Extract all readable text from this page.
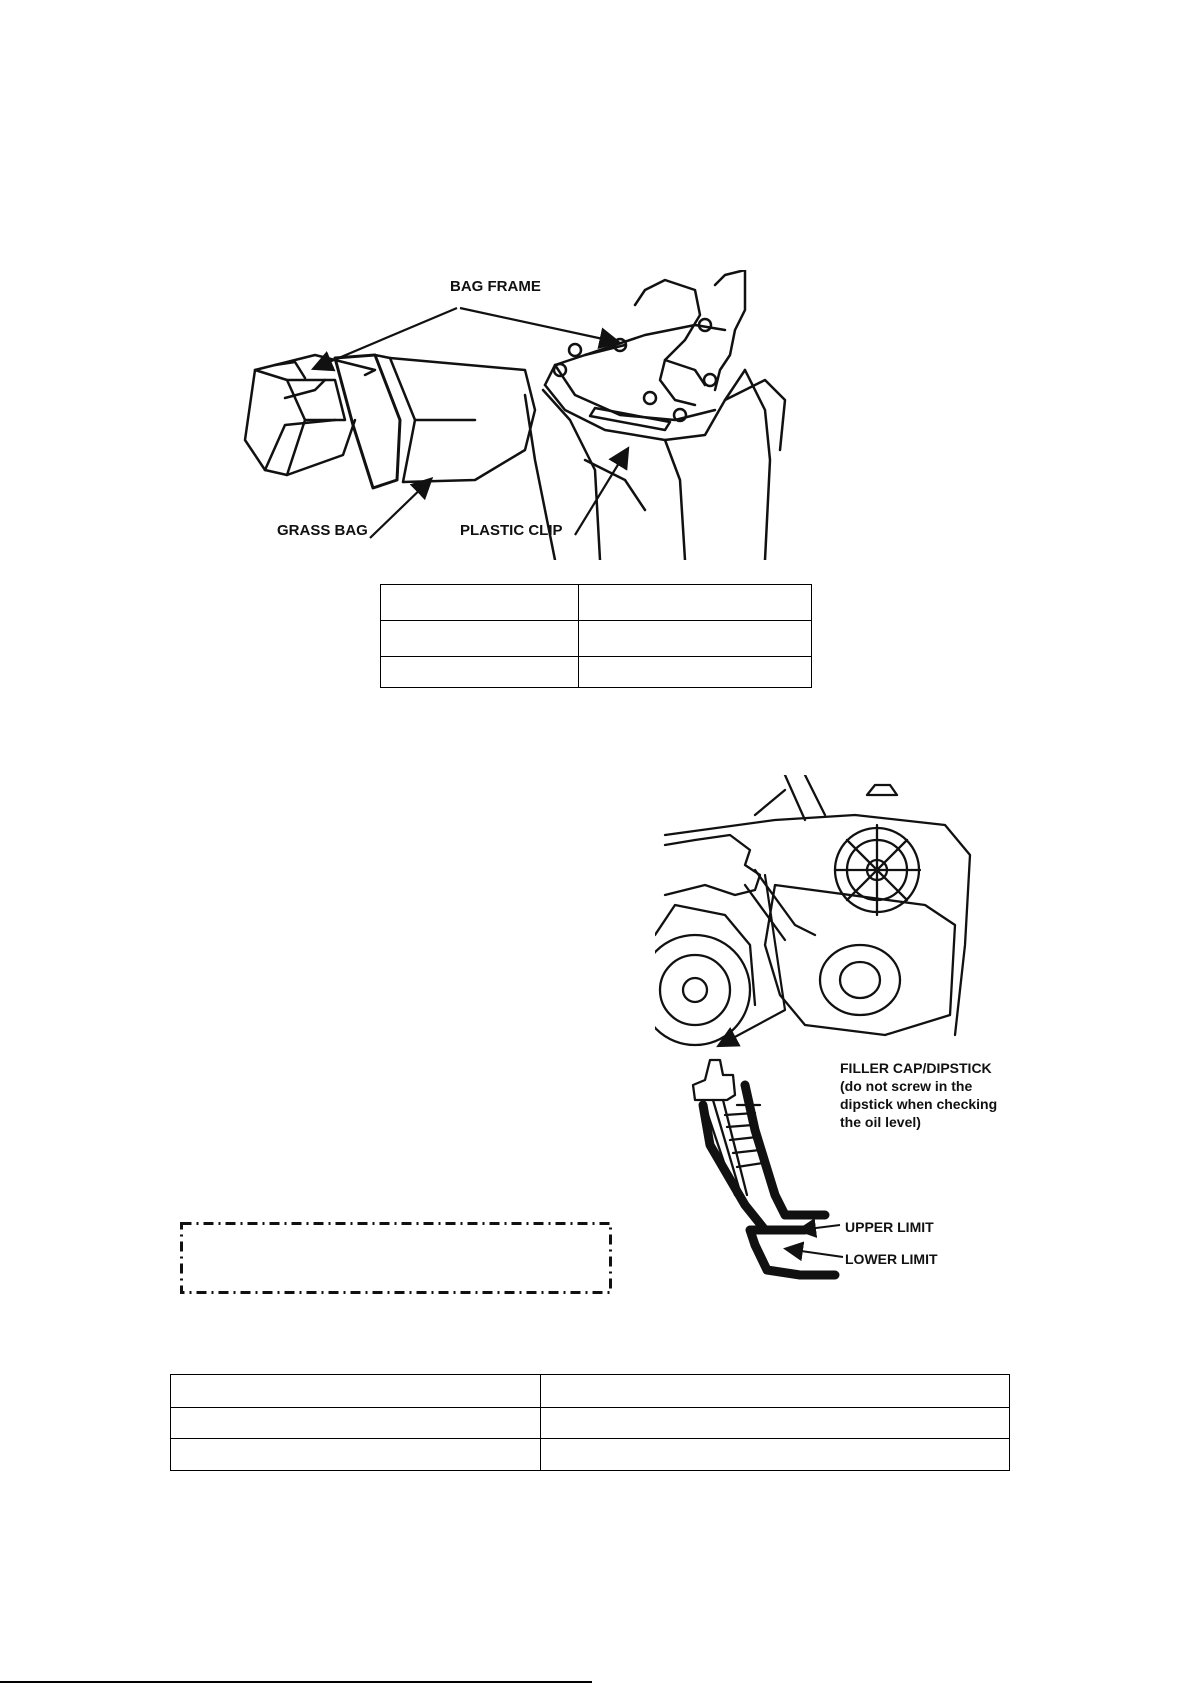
BAG FRAME
GRASS BAG	PLASTIC CLIP

FILLER CAP/DIPSTICK
(do not screw in the
dipstick when checking
the oil level)
UPPER LIMIT
LOWER LIMIT
